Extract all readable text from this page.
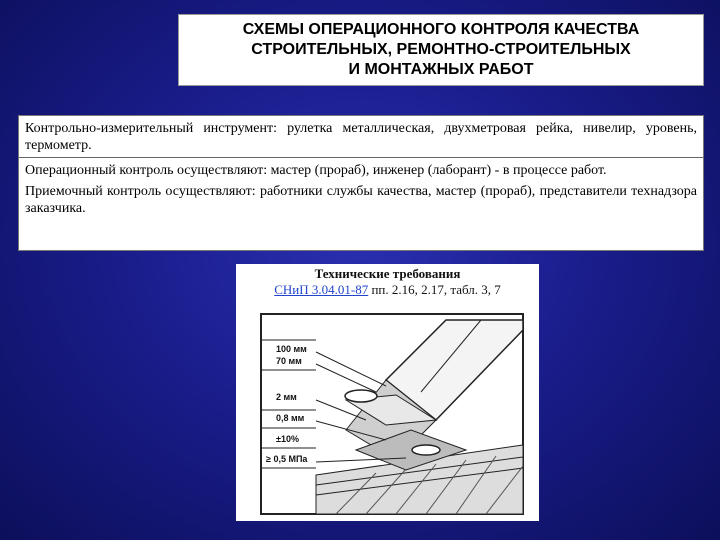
СХЕМЫ ОПЕРАЦИОННОГО КОНТРОЛЯ КАЧЕСТВА
СТРОИТЕЛЬНЫХ, РЕМОНТНО-СТРОИТЕЛЬНЫХ
И МОНТАЖНЫХ РАБОТ
Контрольно-измерительный инструмент: рулетка металлическая, двухметровая рейка, нивелир, уровень, термометр.
Операционный контроль осуществляют: мастер (прораб), инженер (лаборант) - в процессе работ.
Приемочный контроль осуществляют: работники службы качества, мастер (прораб), представители технадзора заказчика.
Технические требования
СНиП 3.04.01-87 пп. 2.16, 2.17, табл. 3, 7
100 мм
70 мм
2 мм
0,8 мм
±10%
≥ 0,5 МПа
